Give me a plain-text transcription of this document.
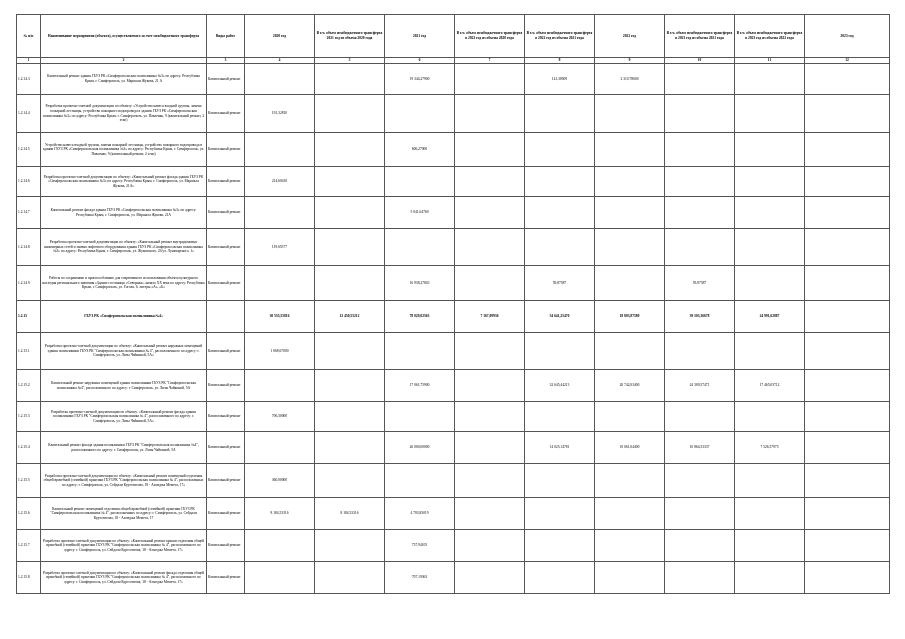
№ п/п	Наименование мероприятия (объекта), осуществляемого за счет межбюджетного трансферта	Виды работ	2020 год	В т.ч. объем межбюджетного трансферта 2021 год из объема 2020 года	2021 год	В т.ч. объем межбюджетного трансферта в 2022 год из объема 2020 года	В т.ч. объем межбюджетного трансферта в 2022 год из объема 2021 года	2022 год	В т.ч. объем межбюджетного трансферта в 2023 год из объема 2021 года	В т.ч. объем межбюджетного трансферта в 2023 год из объема 2022 года	2023 год
1	2	3	4	5	6	7	8	9	10	11	12
1.2.14.3	Капитальный ремонт здания ГБУЗ РК «Симферопольская поликлиника №3» по адресу: Республика Крым, г. Симферополь, ул. Маршала Жукова, 21 А	Капитальный ремонт			19 344,27900		141,38509	2 310,78600			
1.2.14.4	Разработка проектно-сметной документации по объекту: «Устройство навеса входной группы, замена пожарной лестницы, устройство пожарного водопровода в здании ГБУЗ РК «Симферопольская поликлиника №3» по адресу: Республика Крым, г. Симферополь, ул. Павленко, 9 (капитальный ремонт, 2 этап)	Капитальный ремонт	191,32810								
1.2.14.5	Устройство навеса входной группы, замена пожарной лестницы, устройство пожарного водопровода в здании ГБУЗ РК «Симферопольская поликлиника №3» по адресу: Республика Крым, г. Симферополь, ул. Павленко, 9 (капитальный ремонт, 2 этап)	Капитальный ремонт			606,27000						
1.2.14.6	Разработка проектно-сметной документации по объекту: «Капитальный ремонт фасада здания ГБУЗ РК «Симферопольская поликлиника №3» по адресу: Республика Крым, г. Симферополь, ул. Маршала Жукова, 21А»	Капитальный ремонт	214,60410								
1.2.14.7	Капитальный ремонт фасада здания ГБУЗ РК «Симферопольская поликлиника №3» по адресу: Республика Крым, г. Симферополь, ул. Маршала Жукова, 21А	Капитальный ремонт			5 041,64760						
1.2.14.8	Разработка проектно-сметной документации по объекту: «Капитальный ремонт внутридомовых инженерных сетей и замена лифтового оборудования здания ГБУЗ РК «Симферопольская поликлиника №3» по адресу: Республика Крым, г. Симферополь, ул. Жуковского, 23/ул. Луначарского, 1»	Капитальный ремонт	119,65577								
1.2.14.9	Работы по сохранению и приспособлению для современного использования объекта культурного наследия регионального значения «Здание гостиницы «Северная», начало XX века по адресу: Республика Крым, г. Симферополь, ул. Гоголя, 6, литеры «А», «Б»	Капитальный ремонт			16 938,27843		59,87587		59,87587		
1.2.15	ГБУЗ РК «Симферопольская поликлиника №4»		30 555,55816	12 450,55212	78 029,02563	7 167,09936	54 641,25470	18 803,87580	39 503,36678	24 991,62887	
1.2.15.1	Разработка проектно-сметной документации по объекту: «Капитальный ремонт наружных помещений здания поликлиники ГБУЗ РК "Симферопольская поликлиника № 4", расположенного по адресу: г. Симферополь, ул. Лизы Чайкиной, 5А»	Капитальный ремонт	1 068,67000								
1.2.15.2	Капитальный ремонт наружных помещений здания поликлиники ГБУЗ РК "Симферопольская поликлиника №4", расположенного по адресу: г. Симферополь, ул. Лизы Чайкиной, 5А	Капитальный ремонт			17 061,75900		32 645,44213	20 742,03400	24 309,57471	17 465,03712	
1.2.15.3	Разработка проектно-сметной документации по объекту: «Капитальный ремонт фасада здания поликлиники ГБУЗ РК "Симферопольская поликлиника № 4", расположенного по адресу: г. Симферополь, ул. Лизы Чайкиной, 5А»	Капитальный ремонт	706,30000								
1.2.15.4	Капитальный ремонт фасада здания поликлиники ГБУЗ РК "Симферопольская поликлиника №4", расположенного по адресу: г. Симферополь, ул. Лизы Чайкиной, 5А	Капитальный ремонт			26 000,00000		14 025,14781	10 061,04400	10 864,53337	7 526,57975	
1.2.15.5	Разработка проектно-сметной документации по объекту: «Капитальный ремонт помещений отделения общей врачебной (семейной) практики ГБУЗ РК "Симферопольская поликлиника № 4", расположенных по адресу: г. Симферополь, ул. Сейдали Куртсеитова, 18 - Ахмеджа Мемета, 17»	Капитальный ремонт	360,00000								
1.2.15.6	Капитальный ремонт помещений отделения общей врачебной (семейной) практики ГБУЗ РК "Симферопольская поликлиника № 4", расположенных по адресу: г. Симферополь, ул. Сейдали Куртсеитова, 18 - Ахмеджа Мемета, 17	Капитальный ремонт	8 184,53316	8 184,53316	4 703,83019						
1.2.15.7	Разработка проектно-сметной документации по объекту: «Капитальный ремонт крыши отделения общей врачебной (семейной) практики ГБУЗ РК "Симферопольская поликлиника № 4", расположенного по адресу: г. Симферополь, ул. Сейдали Куртсеитова, 18 - Ахмеджа Мемета, 17»	Капитальный ремонт			737,94105						
1.2.15.8	Разработка проектно-сметной документации по объекту: «Капитальный ремонт фасада отделения общей врачебной (семейной) практики ГБУЗ РК "Симферопольская поликлиника № 4", расположенного по адресу: г. Симферополь, ул. Сейдали Куртсеитова, 18 - Ахмеджа Мемета, 17»	Капитальный ремонт			707,19363						
